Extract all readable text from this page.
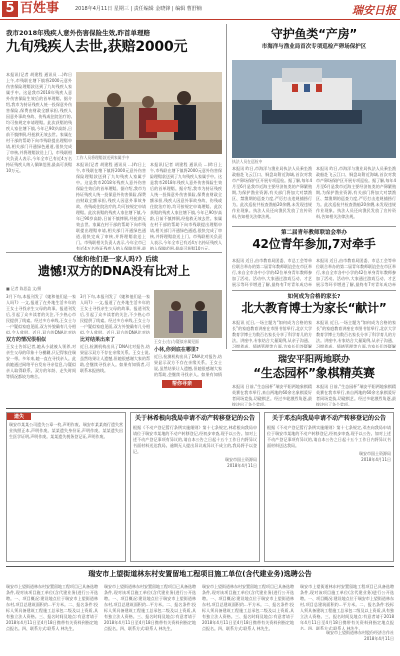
5 百姓事	2018年4月11日 星期三 | 责任编辑 金晓锋 | 编辑 曹舒楠	瑞安日报
我市2018年残疾人意外伤害保险生效,昨首单理赔
九旬残疾人去世,获赔2000元
本报讯(记者 胡建程 通讯员 ...)昨日上午,市残联在塘下镇将2000元意外伤害保险理赔款送到了九旬残疾人家属手中。这是我市2018年残疾人意外伤害保险生效后的首单理赔。据介绍,我市为持证残疾人统一投保意外伤害保险,保费由财政全额承担,残疾人因意外事故身故、伤残或住院治疗的,均可按规定申请理赔。此次获赔的残疾人家住塘下镇,今年已90岁高龄,日前不慎摔倒,经抢救无效去世。家属在村干部的帮助下向市残联提出理赔申请,相关部门开通绿色通道,很快完成了审核,并将理赔款送上门。市残联相关负责人表示,今年全市已有近4万名持证残疾人纳入保障范围,最高可获赔10万元。
工作人员将理赔款送到家属手中
本报讯(记者 胡建程 通讯员 ...)昨日上午,市残联在塘下镇将2000元意外伤害保险理赔款送到了九旬残疾人家属手中。这是我市2018年残疾人意外伤害保险生效后的首单理赔。据介绍,我市为持证残疾人统一投保意外伤害保险,保费由财政全额承担,残疾人因意外事故身故、伤残或住院治疗的,均可按规定申请理赔。此次获赔的残疾人家住塘下镇,今年已90岁高龄,日前不慎摔倒,经抢救无效去世。家属在村干部的帮助下向市残联提出理赔申请,相关部门开通绿色通道,很快完成了审核,并将理赔款送上门。市残联相关负责人表示,今年全市已有近4万名持证残疾人纳入保障范围,最
本报讯(记者 胡建程 通讯员 ...)昨日上午,市残联在塘下镇将2000元意外伤害保险理赔款送到了九旬残疾人家属手中。这是我市2018年残疾人意外伤害保险生效后的首单理赔。据介绍,我市为持证残疾人统一投保意外伤害保险,保费由财政全额承担,残疾人因意外事故身故、伤残或住院治疗的,均可按规定申请理赔。此次获赔的残疾人家住塘下镇,今年已90岁高龄,日前不慎摔倒,经抢救无效去世。家属在村干部的帮助下向市残联提出理赔申请,相关部门开通绿色通道,很快完成了审核,并将理赔款送上门。市残联相关负责人表示,今年全市已有近4万名持证残疾人纳入保障范围,最高可获赔10万元。
守护鱼类“产房”
市海洋与渔业局首次专项巡检产卵场保护区
执法人员在巡检中
本报讯 昨日,市海洋与渔业局执法人员乘坐渔政船赴飞云江口、铜盘岛附近海域,首次对我市产卵场保护区开展专项巡检。据了解,每年4月至6月是我市近海主要经济鱼类的产卵繁殖期,为保护渔业资源,有关部门将加大对禁渔区、禁渔期的巡查力度,严厉打击违规捕捞行为。此次巡检共检查渔船20余艘,未发现违规作业现象。执法人员还向渔民发放了宣传资料,告知相关法律法规。
本报讯 昨日,市海洋与渔业局执法人员乘坐渔政船赴飞云江口、铜盘岛附近海域,首次对我市产卵场保护区开展专项巡检。据了解,每年4月至6月是我市近海主要经济鱼类的产卵繁殖期,为保护渔业资源,有关部门将加大对禁渔区、禁渔期的巡查力度,严厉打击违规捕捞行为。此次巡检共检查渔船20余艘,未发现违规作业现象。执法人员还向渔民发放了宣传资料,告知相关法律法规。
第二届青年教师联谊会举办
42位青年参加,7对牵手
本报讯 近日,由市教育局团委、市总工会等单位联合举办的第二届青年教师联谊会在市区举行,来自全市各中小学的42位单身青年教师参加了活动。活动中,大家通过游戏互动、才艺展示等环节增进了解,最终有7对青年成功牵
本报讯 近日,由市教育局团委、市总工会等单位联合举办的第二届青年教师联谊会在市区举行,来自全市各中小学的42位单身青年教师参加了活动。活动中,大家通过游戏互动、才艺展示等环节增进了解,最终有7对青年成功牵
如何成为合格的家长?
北大教育博士为家长“献计”
本报讯 近日,一场主题为“如何成为合格的家长”的家庭教育讲座在市图书馆举行,北京大学教育学博士为数百名家长分享了科学育儿的方法。讲座中,专家结合大量案例,从亲子沟通、习惯养成、情绪管理等方面,为家长们答疑解
本报讯 近日,一场主题为“如何成为合格的家长”的家庭教育讲座在市图书馆举行,北京大学教育学博士为数百名家长分享了科学育儿的方法。讲座中,专家结合大量案例,从亲子沟通、习惯养成、情绪管理等方面,为家长们答疑解
瑞安平阳两地联办
“生态园杯”象棋精英赛
本报讯 日前,“生态园杯”瑞安平阳两地象棋精英赛在我市举行,来自两地的60余名象棋爱好者同场竞技,切磋棋艺。经过多轮激烈角逐,最终决出了各个奖项。
本报讯 日前,“生态园杯”瑞安平阳两地象棋精英赛在我市举行,来自两地的60余名象棋爱好者同场竞技,切磋棋艺。经过多轮激烈角逐,最终决出了各个奖项。
《她和他们是一家人吗?》后续
遗憾!双方的DNA没有比对上
■ 记者 陈思盈 文/摄
3月下旬,本报刊发了《她和他们是一家人吗?》一文,报道了在外地生活多年的王女士寻找亲生父母的故事。报道刊发后,引起了众多读者的关注,不少热心市民提供了线索。经过多方牵线,王女士与一户疑似家庭见面,双方外貌确有几分相似,令人欣慰。近日,双方的DNA比对结
双方的情况很相似
王女士告诉记者,她从小就被人领养,对亲生父母的印象十分模糊,只记得家住瑞安一带。多年来,她一直在寻找亲人。此前她通过网络平台发布寻亲信息,与疑似亲人取得联系。双方的年龄、走失时间等情况都较为吻合。
3月下旬,本报刊发了《她和他们是一家人吗?》一文,报道了在外地生活多年的王女士寻找亲生父母的故事。报道刊发后,引起了众多读者的关注,不少热心市民提供了线索。经过多方牵线,王女士与一户疑似家庭见面,双方外貌确有几分相似,令人欣慰。近日,双方的DNA比对结
比对结果出来了
近日,检测机构出具了DNA比对报告,结果显示双方不存在亲缘关系。王女士说,虽然结果让人遗憾,但她很感谢大家的帮助,会继续寻找亲人。如果有知情者,可联系本报热线。
王女士(右)与疑似亲属见面
小林,你到底在哪里?
近日,检测机构出具了DNA比对报告,结果显示双方不存在亲缘关系。王女士说,虽然结果让人遗憾,但她很感谢大家的帮助,会继续寻找亲人。如果有知情
帮你寻亲
遗失
瑞安市某某公司遗失公章一枚,声明作废。瑞安市某某商行遗失营业执照正本,声明作废。某某遗失身份证,声明作废。某某遗失出生医学证明,声明作废。某某遗失税务登记证,声明作废。
关于林希根向我局申请不动产转移登记的公告
根据《不动产登记暂行条例实施细则》第十七条规定,林希根向我局申请位于瑞安市某地的不动产转移登记,经初步审查,现予以公告。如对上述不动产登记事项有异议的,请自本公告之日起十五个工作日内将异议书面材料送达我局。逾期无人提出异议或异议不成立的,我局将予以登记。
瑞安市国土资源局
2018年4月11日
关于邓杰向我局申请不动产转移登记的公告
根据《不动产登记暂行条例实施细则》第十七条规定,邓杰向我局申请位于瑞安市某地的不动产转移登记,经初步审查,现予以公告。如对上述不动产登记事项有异议的,请自本公告之日起十五个工作日内将异议书面材料送达我局。
瑞安市国土资源局
2018年4月11日
瑞安市上望街道林东村安置留地工程项目施工单位(含代建业务)选聘公告
瑞安市上望街道林东村安置留地工程项目已具备选聘条件,现对该项目施工单位(含代建业务)进行公开选聘。一、项目概况:建设地点位于瑞安市上望街道林东村,项目总建筑面积约...平方米。二、报名条件:投标人须具备建筑工程施工总承包二级及以上资质,具有独立法人资格。三、报名时间及地点:有意者请于2018年4月11日至4月18日携带有关资料到指定地点报名。四、联系方式:联系人 林先生。
瑞安市上望街道林东村安置留地工程项目已具备选聘条件,现对该项目施工单位(含代建业务)进行公开选聘。一、项目概况:建设地点位于瑞安市上望街道林东村,项目总建筑面积约...平方米。二、报名条件:投标人须具备建筑工程施工总承包二级及以上资质,具有独立法人资格。三、报名时间及地点:有意者请于2018年4月11日至4月18日携带有关资料到指定地点报名。四、联系方式:联系人 林先生。
瑞安市上望街道林东村安置留地工程项目已具备选聘条件,现对该项目施工单位(含代建业务)进行公开选聘。一、项目概况:建设地点位于瑞安市上望街道林东村,项目总建筑面积约...平方米。二、报名条件:投标人须具备建筑工程施工总承包二级及以上资质,具有独立法人资格。三、报名时间及地点:有意者请于2018年4月11日至4月18日携带有关资料到指定地点报名。四、联系方式:联系人 林先生。
瑞安市上望街道林东村安置留地工程项目已具备选聘条件,现对该项目施工单位(含代建业务)进行公开选聘。一、项目概况:建设地点位于瑞安市上望街道林东村,项目总建筑面积约...平方米。二、报名条件:投标人须具备建筑工程施工总承包二级及以上资质,具有独立法人资格。三、报名时间及地点:有意者请于2018年4月11日至4月18日携带有关资料到指定地点报名。四、联系方式:联系人 林先生。
瑞安市上望街道林东村股份经济合作社
2018年4月11日
